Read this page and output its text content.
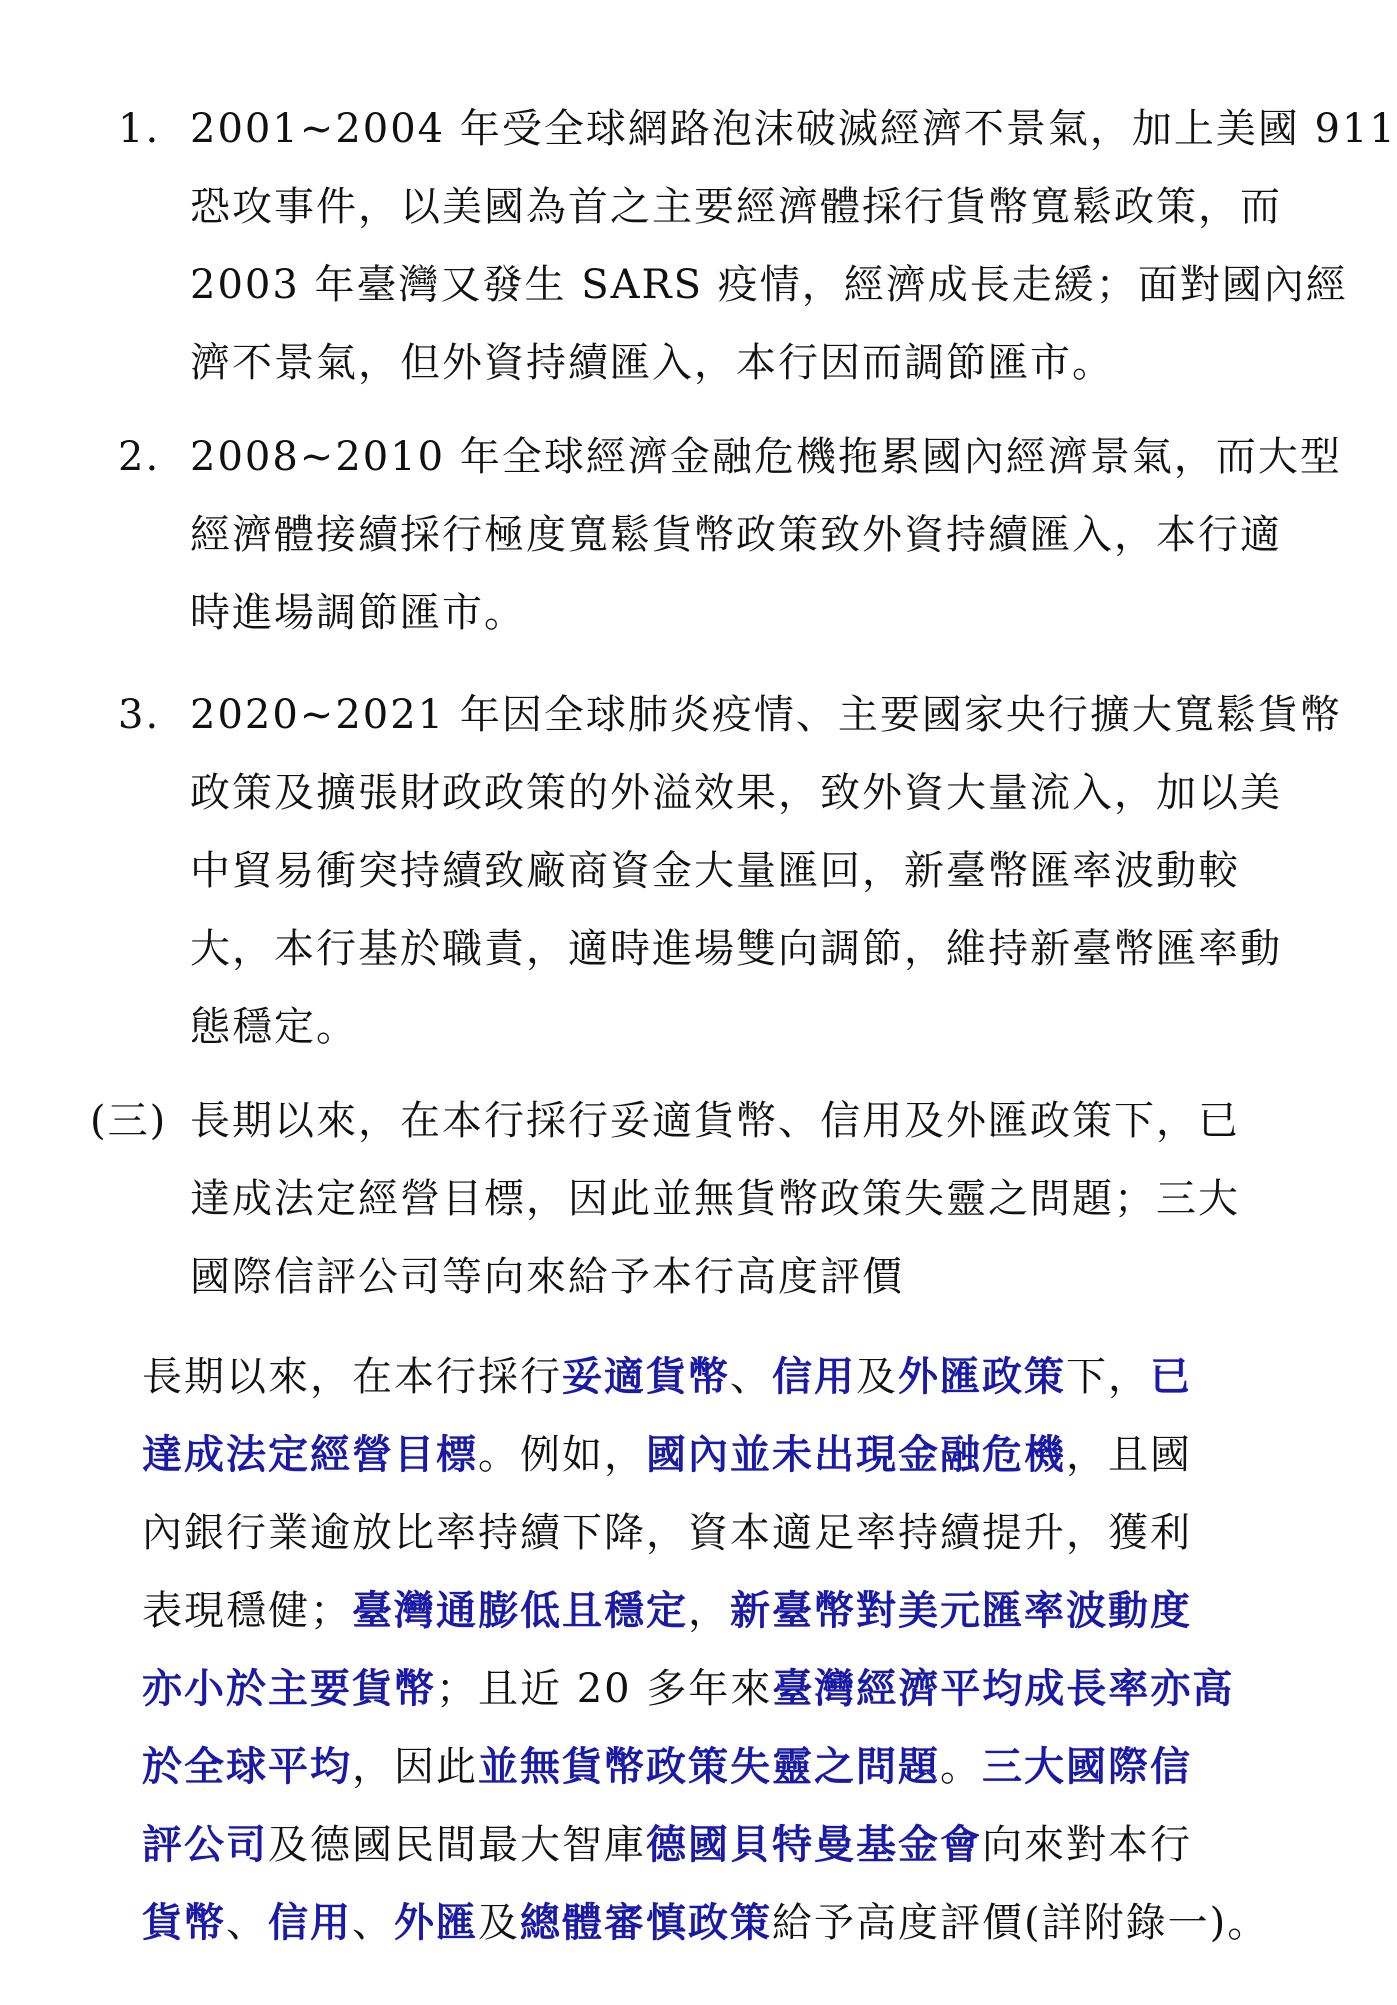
1. 2001~2004 年受全球網路泡沫破滅經濟不景氣，加上美國 911
恐攻事件，以美國為首之主要經濟體採行貨幣寬鬆政策，而
2003 年臺灣又發生 SARS 疫情，經濟成長走緩；面對國內經
濟不景氣，但外資持續匯入，本行因而調節匯市。
2. 2008~2010 年全球經濟金融危機拖累國內經濟景氣，而大型
經濟體接續採行極度寬鬆貨幣政策致外資持續匯入，本行適
時進場調節匯市。
3. 2020~2021 年因全球肺炎疫情、主要國家央行擴大寬鬆貨幣
政策及擴張財政政策的外溢效果，致外資大量流入，加以美
中貿易衝突持續致廠商資金大量匯回，新臺幣匯率波動較
大，本行基於職責，適時進場雙向調節，維持新臺幣匯率動
態穩定。
(三) 長期以來，在本行採行妥適貨幣、信用及外匯政策下，已
達成法定經營目標，因此並無貨幣政策失靈之問題；三大
國際信評公司等向來給予本行高度評價
長期以來，在本行採行妥適貨幣、信用及外匯政策下，已
達成法定經營目標。例如，國內並未出現金融危機，且國
內銀行業逾放比率持續下降，資本適足率持續提升，獲利
表現穩健；臺灣通膨低且穩定，新臺幣對美元匯率波動度
亦小於主要貨幣；且近 20 多年來臺灣經濟平均成長率亦高
於全球平均，因此並無貨幣政策失靈之問題。三大國際信
評公司及德國民間最大智庫德國貝特曼基金會向來對本行
貨幣、信用、外匯及總體審慎政策給予高度評價(詳附錄一)。
